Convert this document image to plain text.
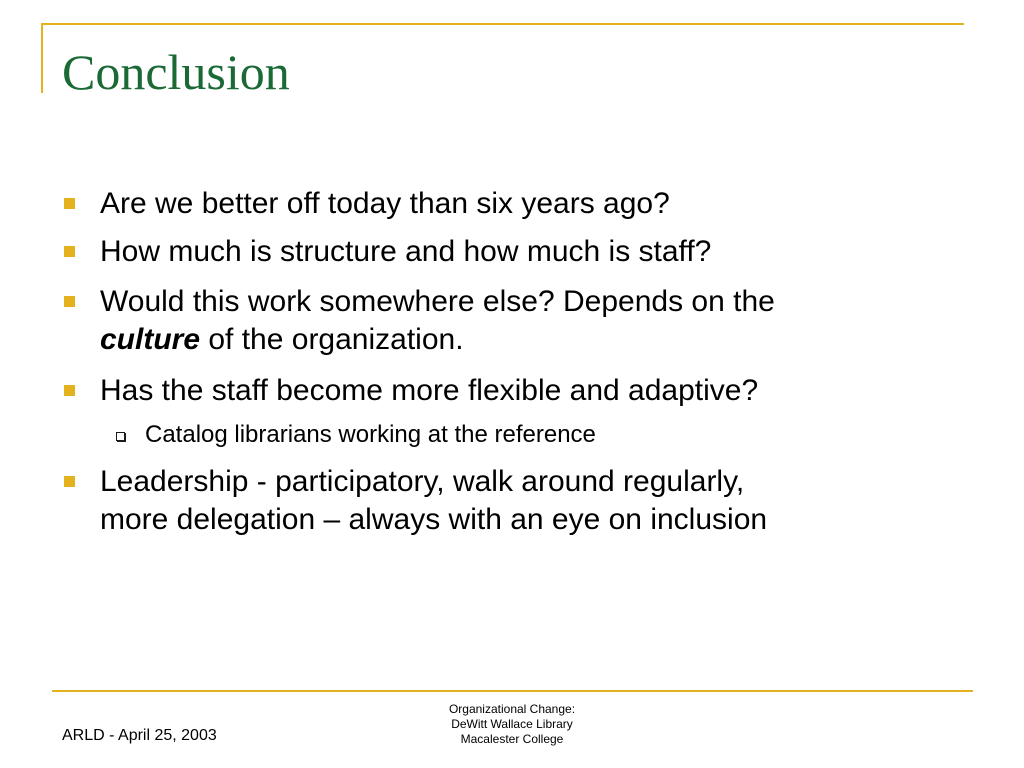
Conclusion
Are we better off today than six years ago?
How much is structure and how much is staff?
Would this work somewhere else? Depends on the
culture of the organization.
Has the staff become more flexible and adaptive?
Catalog librarians working at the reference
Leadership - participatory, walk around regularly,
more delegation – always with an eye on inclusion
ARLD - April 25, 2003
Organizational Change:
DeWitt Wallace Library
Macalester College
